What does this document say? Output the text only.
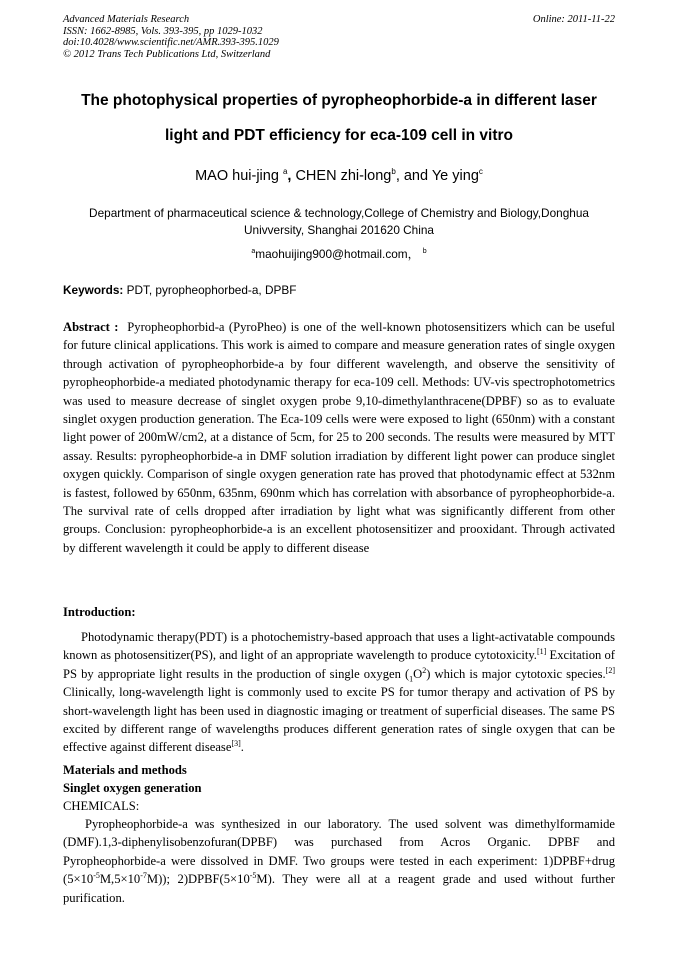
Advanced Materials Research
ISSN: 1662-8985, Vols. 393-395, pp 1029-1032
doi:10.4028/www.scientific.net/AMR.393-395.1029
© 2012 Trans Tech Publications Ltd, Switzerland
Online: 2011-11-22
The photophysical properties of pyropheophorbide-a in different laser
light and PDT efficiency for eca-109 cell in vitro
MAO hui-jing $^a$, CHEN zhi-long$^b$, and Ye ying$^c$
Department of pharmaceutical science & technology,College of Chemistry and Biology,Donghua
Univversity, Shanghai 201620 China
$^a$maohuijing900@hotmail.com， $^b$
Keywords: PDT, pyropheophorbed-a, DPBF
Abstract : Pyropheophorbid-a (PyroPheo) is one of the well-known photosensitizers which can be useful for future clinical applications. This work is aimed to compare and measure generation rates of single oxygen through activation of pyropheophorbide-a by four different wavelength, and observe the sensitivity of pyropheophorbide-a mediated photodynamic therapy for eca-109 cell. Methods: UV-vis spectrophotometrics was used to measure decrease of singlet oxygen probe 9,10-dimethylanthracene(DPBF) so as to evaluate singlet oxygen production generation. The Eca-109 cells were were exposed to light (650nm) with a constant light power of 200mW/cm2, at a distance of 5cm, for 25 to 200 seconds. The results were measured by MTT assay. Results: pyropheophorbide-a in DMF solution irradiation by different light power can produce singlet oxygen quickly. Comparison of single oxygen generation rate has proved that photodynamic effect at 532nm is fastest, followed by 650nm, 635nm, 690nm which has correlation with absorbance of pyropheophorbide-a. The survival rate of cells dropped after irradiation by light what was significantly different from other groups. Conclusion: pyropheophorbide-a is an excellent photosensitizer and prooxidant. Through activated by different wavelength it could be apply to different disease
Introduction:
Photodynamic therapy(PDT) is a photochemistry-based approach that uses a light-activatable compounds known as photosensitizer(PS), and light of an appropriate wavelength to produce cytotoxicity.[1] Excitation of PS by appropriate light results in the production of single oxygen $(_1O^2)$ which is major cytotoxic species.[2] Clinically, long-wavelength light is commonly used to excite PS for tumor therapy and activation of PS by short-wavelength light has been used in diagnostic imaging or treatment of superficial diseases. The same PS excited by different range of wavelengths produces different generation rates of single oxygen that can be effective against different disease[3].
Materials and methods
Singlet oxygen generation
CHEMICALS:
Pyropheophorbide-a was synthesized in our laboratory. The used solvent was dimethylformamide (DMF).1,3-diphenylisobenzofuran(DPBF) was purchased from Acros Organic. DPBF and Pyropheophorbide-a were dissolved in DMF. Two groups were tested in each experiment: 1)DPBF+drug $(5\times 10^{-5}M,5\times 10^{-7}M)$); $2)DPBF(5\times 10^{-5}M)$. They were all at a reagent grade and used without further purification.
